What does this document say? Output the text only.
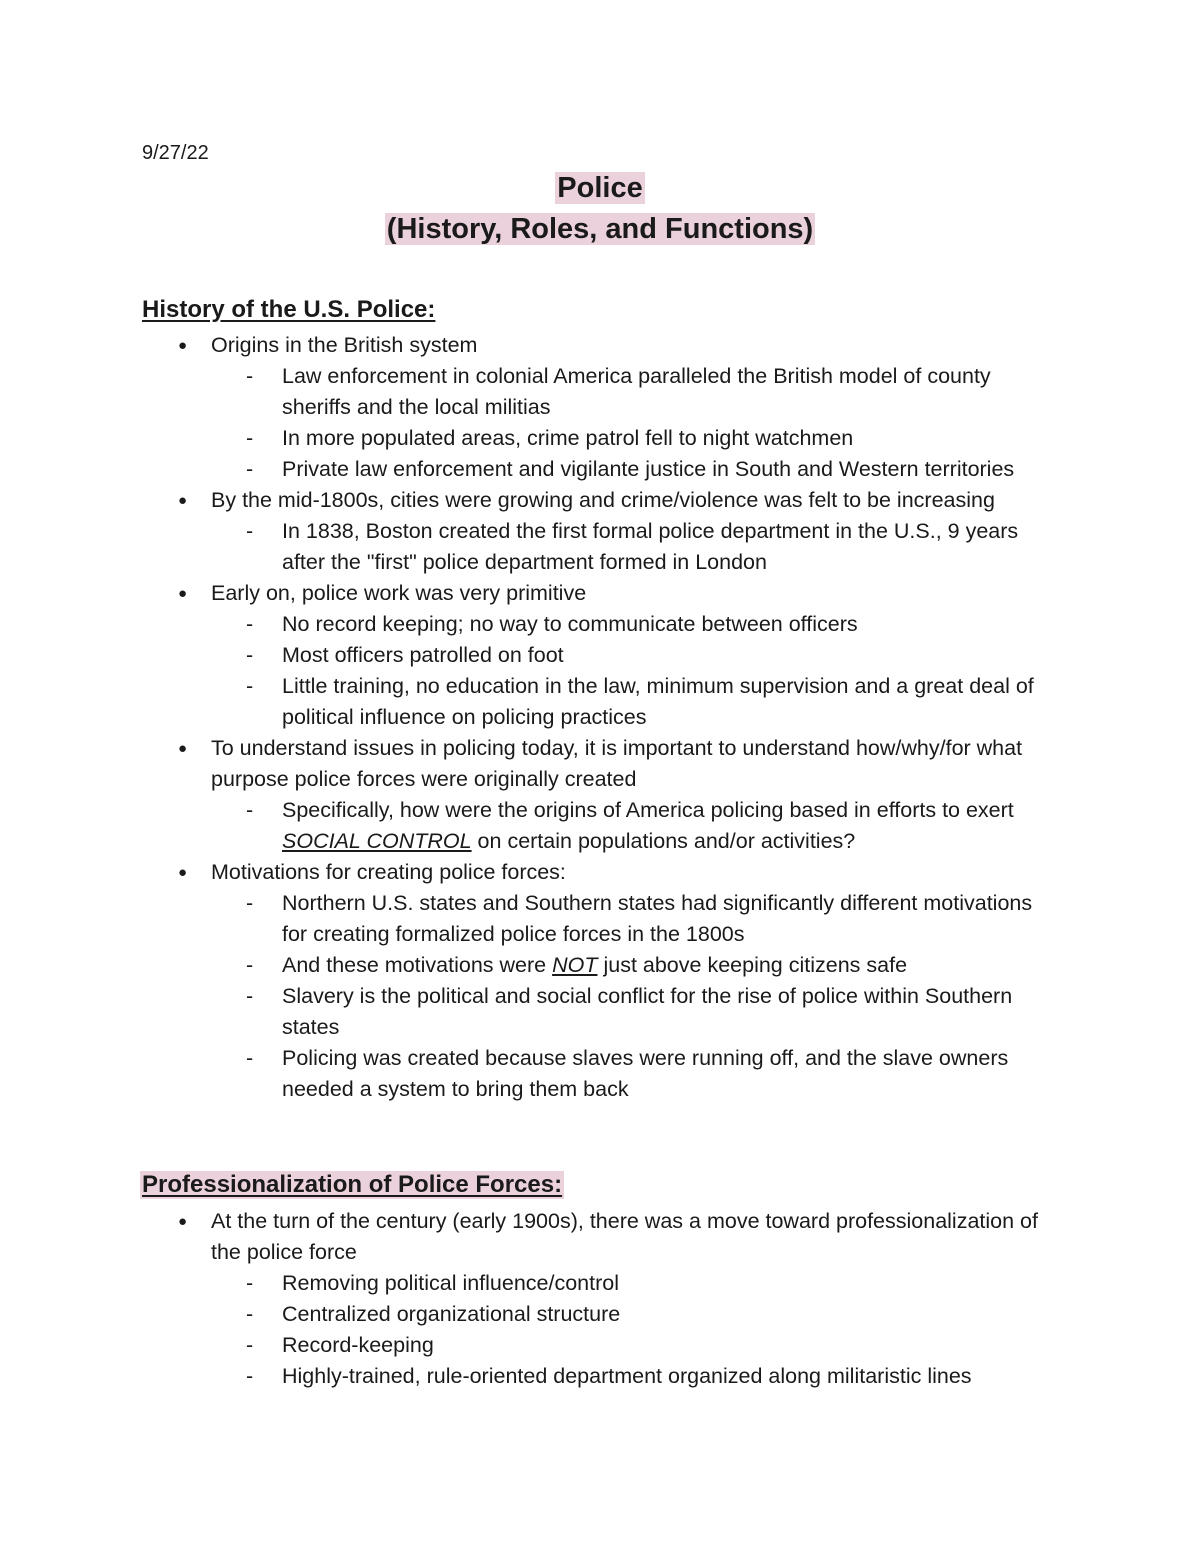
9/27/22
Police
(History, Roles, and Functions)
History of the U.S. Police:
● Origins in the British system
- Law enforcement in colonial America paralleled the British model of county sheriffs and the local militias
- In more populated areas, crime patrol fell to night watchmen
- Private law enforcement and vigilante justice in South and Western territories
● By the mid-1800s, cities were growing and crime/violence was felt to be increasing
- In 1838, Boston created the first formal police department in the U.S., 9 years after the "first" police department formed in London
● Early on, police work was very primitive
- No record keeping; no way to communicate between officers
- Most officers patrolled on foot
- Little training, no education in the law, minimum supervision and a great deal of political influence on policing practices
● To understand issues in policing today, it is important to understand how/why/for what purpose police forces were originally created
- Specifically, how were the origins of America policing based in efforts to exert SOCIAL CONTROL on certain populations and/or activities?
● Motivations for creating police forces:
- Northern U.S. states and Southern states had significantly different motivations for creating formalized police forces in the 1800s
- And these motivations were NOT just above keeping citizens safe
- Slavery is the political and social conflict for the rise of police within Southern states
- Policing was created because slaves were running off, and the slave owners needed a system to bring them back
Professionalization of Police Forces:
● At the turn of the century (early 1900s), there was a move toward professionalization of the police force
- Removing political influence/control
- Centralized organizational structure
- Record-keeping
- Highly-trained, rule-oriented department organized along militaristic lines
